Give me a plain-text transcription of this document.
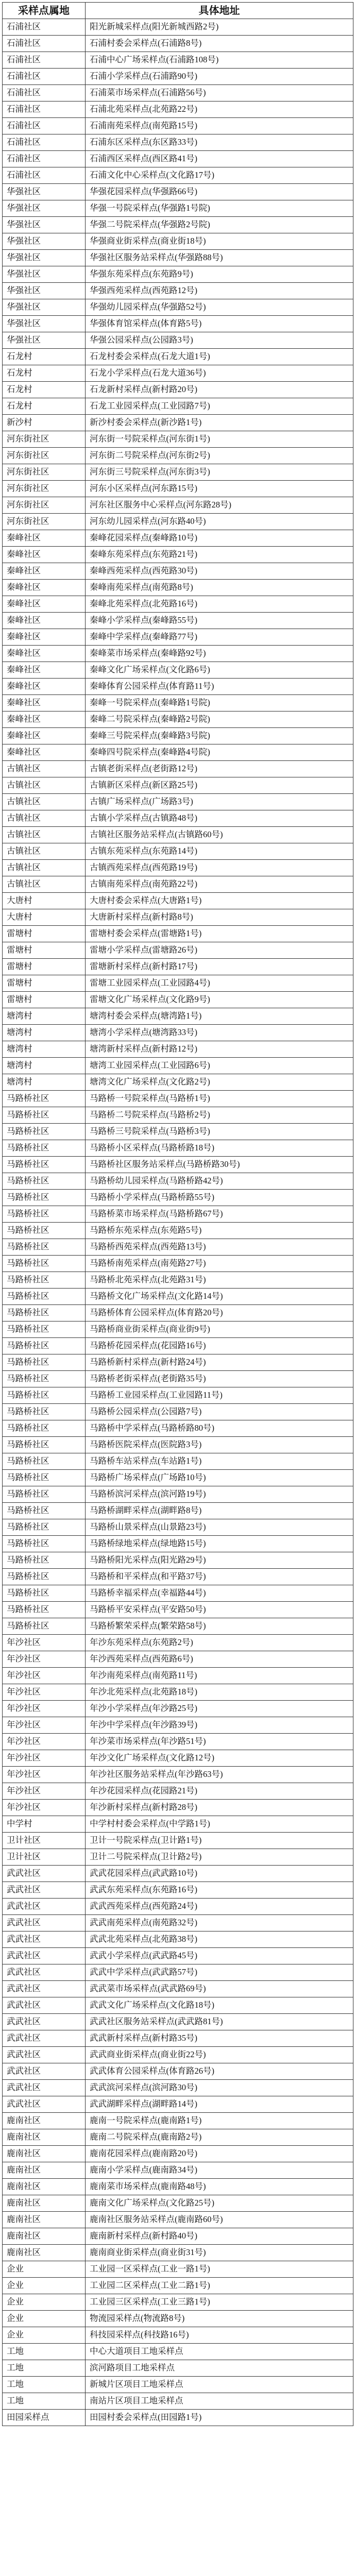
采样点属地	具体地址
石浦社区	阳光新城采样点(阳光新城西路2号)
石浦社区	石浦村委会采样点(石浦路8号)
石浦社区	石浦中心广场采样点(石浦路108号)
石浦社区	石浦小学采样点(石浦路90号)
石浦社区	石浦菜市场采样点(石浦路56号)
石浦社区	石浦北苑采样点(北苑路22号)
石浦社区	石浦南苑采样点(南苑路15号)
石浦社区	石浦东区采样点(东区路33号)
石浦社区	石浦西区采样点(西区路41号)
石浦社区	石浦文化中心采样点(文化路17号)
华强社区	华强花园采样点(华强路66号)
华强社区	华强一号院采样点(华强路1号院)
华强社区	华强二号院采样点(华强路2号院)
华强社区	华强商业街采样点(商业街18号)
华强社区	华强社区服务站采样点(华强路88号)
华强社区	华强东苑采样点(东苑路9号)
华强社区	华强西苑采样点(西苑路12号)
华强社区	华强幼儿园采样点(华强路52号)
华强社区	华强体育馆采样点(体育路5号)
华强社区	华强公园采样点(公园路3号)
石龙村	石龙村委会采样点(石龙大道1号)
石龙村	石龙小学采样点(石龙大道36号)
石龙村	石龙新村采样点(新村路20号)
石龙村	石龙工业园采样点(工业园路7号)
新沙村	新沙村委会采样点(新沙路1号)
河东街社区	河东街一号院采样点(河东街1号)
河东街社区	河东街二号院采样点(河东街2号)
河东街社区	河东街三号院采样点(河东街3号)
河东街社区	河东小区采样点(河东路15号)
河东街社区	河东社区服务中心采样点(河东路28号)
河东街社区	河东幼儿园采样点(河东路40号)
秦峰社区	秦峰花园采样点(秦峰路10号)
秦峰社区	秦峰东苑采样点(东苑路21号)
秦峰社区	秦峰西苑采样点(西苑路30号)
秦峰社区	秦峰南苑采样点(南苑路8号)
秦峰社区	秦峰北苑采样点(北苑路16号)
秦峰社区	秦峰小学采样点(秦峰路55号)
秦峰社区	秦峰中学采样点(秦峰路77号)
秦峰社区	秦峰菜市场采样点(秦峰路92号)
秦峰社区	秦峰文化广场采样点(文化路6号)
秦峰社区	秦峰体育公园采样点(体育路11号)
秦峰社区	秦峰一号院采样点(秦峰路1号院)
秦峰社区	秦峰二号院采样点(秦峰路2号院)
秦峰社区	秦峰三号院采样点(秦峰路3号院)
秦峰社区	秦峰四号院采样点(秦峰路4号院)
古镇社区	古镇老街采样点(老街路12号)
古镇社区	古镇新区采样点(新区路25号)
古镇社区	古镇广场采样点(广场路3号)
古镇社区	古镇小学采样点(古镇路48号)
古镇社区	古镇社区服务站采样点(古镇路60号)
古镇社区	古镇东苑采样点(东苑路14号)
古镇社区	古镇西苑采样点(西苑路19号)
古镇社区	古镇南苑采样点(南苑路22号)
大唐村	大唐村委会采样点(大唐路1号)
大唐村	大唐新村采样点(新村路8号)
雷塘村	雷塘村委会采样点(雷塘路1号)
雷塘村	雷塘小学采样点(雷塘路26号)
雷塘村	雷塘新村采样点(新村路17号)
雷塘村	雷塘工业园采样点(工业园路4号)
雷塘村	雷塘文化广场采样点(文化路9号)
塘湾村	塘湾村委会采样点(塘湾路1号)
塘湾村	塘湾小学采样点(塘湾路33号)
塘湾村	塘湾新村采样点(新村路12号)
塘湾村	塘湾工业园采样点(工业园路6号)
塘湾村	塘湾文化广场采样点(文化路2号)
马路桥社区	马路桥一号院采样点(马路桥1号)
马路桥社区	马路桥二号院采样点(马路桥2号)
马路桥社区	马路桥三号院采样点(马路桥3号)
马路桥社区	马路桥小区采样点(马路桥路18号)
马路桥社区	马路桥社区服务站采样点(马路桥路30号)
马路桥社区	马路桥幼儿园采样点(马路桥路42号)
马路桥社区	马路桥小学采样点(马路桥路55号)
马路桥社区	马路桥菜市场采样点(马路桥路67号)
马路桥社区	马路桥东苑采样点(东苑路5号)
马路桥社区	马路桥西苑采样点(西苑路13号)
马路桥社区	马路桥南苑采样点(南苑路27号)
马路桥社区	马路桥北苑采样点(北苑路31号)
马路桥社区	马路桥文化广场采样点(文化路14号)
马路桥社区	马路桥体育公园采样点(体育路20号)
马路桥社区	马路桥商业街采样点(商业街9号)
马路桥社区	马路桥花园采样点(花园路16号)
马路桥社区	马路桥新村采样点(新村路24号)
马路桥社区	马路桥老街采样点(老街路35号)
马路桥社区	马路桥工业园采样点(工业园路11号)
马路桥社区	马路桥公园采样点(公园路7号)
马路桥社区	马路桥中学采样点(马路桥路80号)
马路桥社区	马路桥医院采样点(医院路3号)
马路桥社区	马路桥车站采样点(车站路1号)
马路桥社区	马路桥广场采样点(广场路10号)
马路桥社区	马路桥滨河采样点(滨河路19号)
马路桥社区	马路桥湖畔采样点(湖畔路8号)
马路桥社区	马路桥山景采样点(山景路23号)
马路桥社区	马路桥绿地采样点(绿地路15号)
马路桥社区	马路桥阳光采样点(阳光路29号)
马路桥社区	马路桥和平采样点(和平路37号)
马路桥社区	马路桥幸福采样点(幸福路44号)
马路桥社区	马路桥平安采样点(平安路50号)
马路桥社区	马路桥繁荣采样点(繁荣路58号)
年沙社区	年沙东苑采样点(东苑路2号)
年沙社区	年沙西苑采样点(西苑路6号)
年沙社区	年沙南苑采样点(南苑路11号)
年沙社区	年沙北苑采样点(北苑路18号)
年沙社区	年沙小学采样点(年沙路25号)
年沙社区	年沙中学采样点(年沙路39号)
年沙社区	年沙菜市场采样点(年沙路51号)
年沙社区	年沙文化广场采样点(文化路12号)
年沙社区	年沙社区服务站采样点(年沙路63号)
年沙社区	年沙花园采样点(花园路21号)
年沙社区	年沙新村采样点(新村路28号)
中学村	中学村村委会采样点(中学路1号)
卫计社区	卫计一号院采样点(卫计路1号)
卫计社区	卫计二号院采样点(卫计路2号)
武武社区	武武花园采样点(武武路10号)
武武社区	武武东苑采样点(东苑路16号)
武武社区	武武西苑采样点(西苑路24号)
武武社区	武武南苑采样点(南苑路32号)
武武社区	武武北苑采样点(北苑路38号)
武武社区	武武小学采样点(武武路45号)
武武社区	武武中学采样点(武武路57号)
武武社区	武武菜市场采样点(武武路69号)
武武社区	武武文化广场采样点(文化路18号)
武武社区	武武社区服务站采样点(武武路81号)
武武社区	武武新村采样点(新村路35号)
武武社区	武武商业街采样点(商业街22号)
武武社区	武武体育公园采样点(体育路26号)
武武社区	武武滨河采样点(滨河路30号)
武武社区	武武湖畔采样点(湖畔路14号)
鹿南社区	鹿南一号院采样点(鹿南路1号)
鹿南社区	鹿南二号院采样点(鹿南路2号)
鹿南社区	鹿南花园采样点(鹿南路20号)
鹿南社区	鹿南小学采样点(鹿南路34号)
鹿南社区	鹿南菜市场采样点(鹿南路48号)
鹿南社区	鹿南文化广场采样点(文化路25号)
鹿南社区	鹿南社区服务站采样点(鹿南路60号)
鹿南社区	鹿南新村采样点(新村路40号)
鹿南社区	鹿南商业街采样点(商业街31号)
企业	工业园一区采样点(工业一路1号)
企业	工业园二区采样点(工业二路1号)
企业	工业园三区采样点(工业三路1号)
企业	物流园采样点(物流路8号)
企业	科技园采样点(科技路16号)
工地	中心大道项目工地采样点
工地	滨河路项目工地采样点
工地	新城片区项目工地采样点
工地	南站片区项目工地采样点
田园采样点	田园村委会采样点(田园路1号)
